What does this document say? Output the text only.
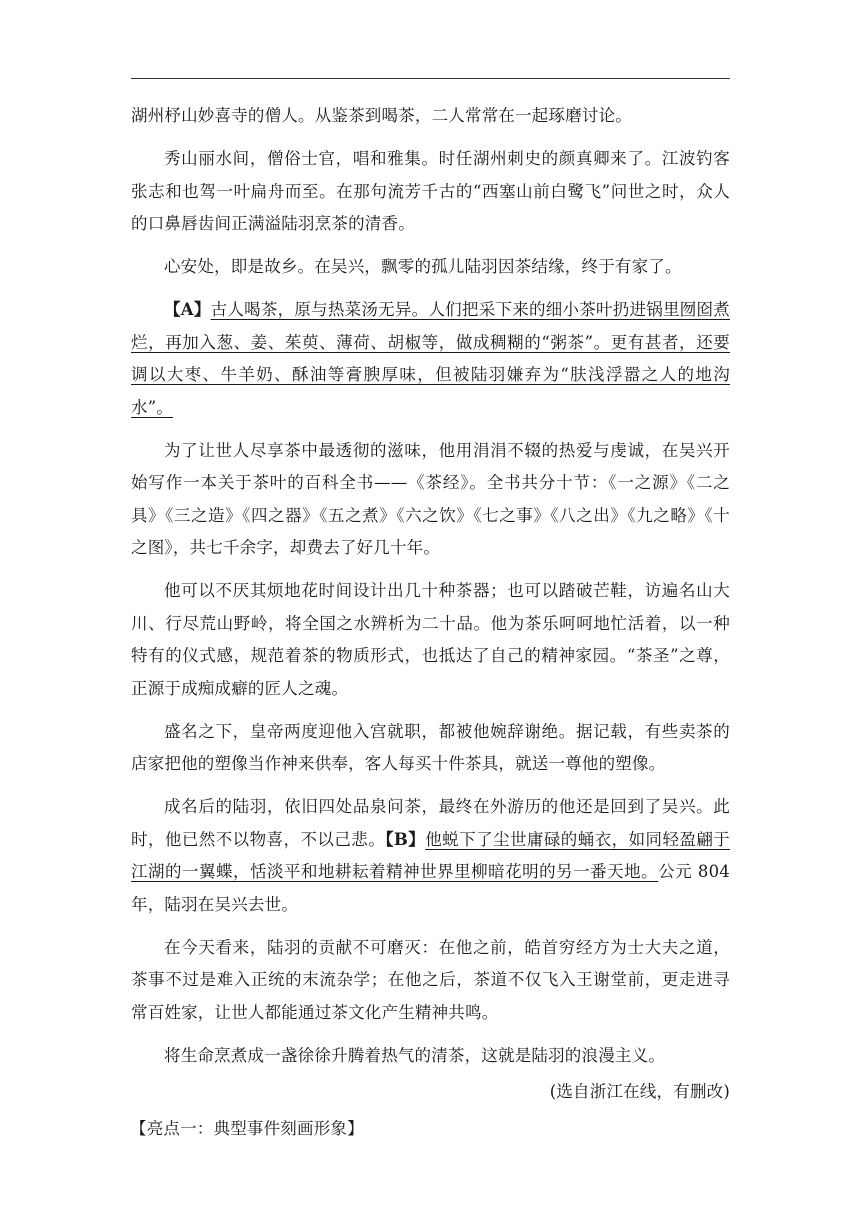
湖州杼山妙喜寺的僧人。从鉴茶到喝茶，二人常常在一起琢磨讨论。

秀山丽水间，僧俗士官，唱和雅集。时任湖州刺史的颜真卿来了。江波钓客张志和也驾一叶扁舟而至。在那句流芳千古的“西塞山前白鹭飞”问世之时，众人的口鼻唇齿间正满溢陆羽烹茶的清香。

心安处，即是故乡。在吴兴，飘零的孤儿陆羽因茶结缘，终于有家了。

【A】古人喝茶，原与热菜汤无异。人们把采下来的细小茶叶扔进锅里囫囵煮烂，再加入葱、姜、茱萸、薄荷、胡椒等，做成稠糊的“粥茶”。更有甚者，还要调以大枣、牛羊奶、酥油等膏腴厚味，但被陆羽嫌弃为“肤浅浮嚣之人的地沟水”。

为了让世人尽享茶中最透彻的滋味，他用涓涓不辍的热爱与虔诚，在吴兴开始写作一本关于茶叶的百科全书——《茶经》。全书共分十节：《一之源》《二之具》《三之造》《四之器》《五之煮》《六之饮》《七之事》《八之出》《九之略》《十之图》，共七千余字，却费去了好几十年。

他可以不厌其烦地花时间设计出几十种茶器；也可以踏破芒鞋，访遍名山大川、行尽荒山野岭，将全国之水辨析为二十品。他为茶乐呵呵地忙活着，以一种特有的仪式感，规范着茶的物质形式，也抵达了自己的精神家园。“茶圣”之尊，正源于成痴成癖的匠人之魂。

盛名之下，皇帝两度迎他入宫就职，都被他婉辞谢绝。据记载，有些卖茶的店家把他的塑像当作神来供奉，客人每买十件茶具，就送一尊他的塑像。

成名后的陆羽，依旧四处品泉问茶，最终在外游历的他还是回到了吴兴。此时，他已然不以物喜，不以己悲。【B】他蜕下了尘世庸碌的蛹衣，如同轻盈翩于江湖的一翼蝶，恬淡平和地耕耘着精神世界里柳暗花明的另一番天地。公元 804 年，陆羽在吴兴去世。

在今天看来，陆羽的贡献不可磨灭：在他之前，皓首穷经方为士大夫之道，茶事不过是难入正统的末流杂学；在他之后，茶道不仅飞入王谢堂前，更走进寻常百姓家，让世人都能通过茶文化产生精神共鸣。

将生命烹煮成一盏徐徐升腾着热气的清茶，这就是陆羽的浪漫主义。

(选自浙江在线，有删改)

【亮点一：典型事件刻画形象】
